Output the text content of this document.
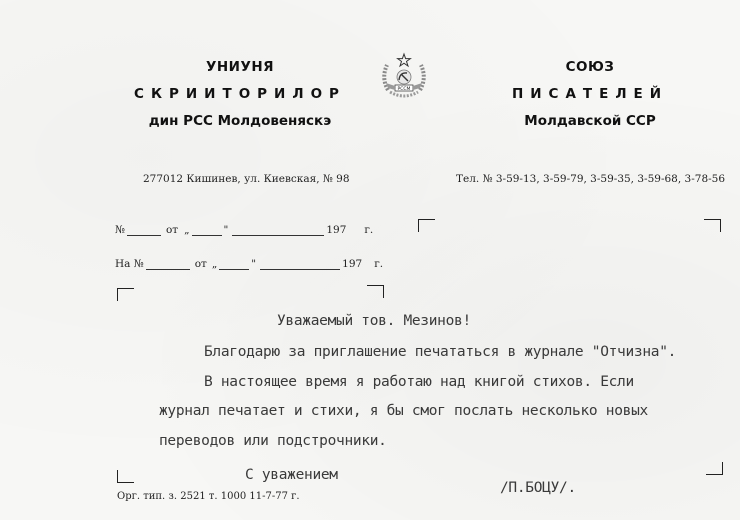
УНИУНЯ
СКРИИТОРИЛОР
дин РСС Молдовеняскэ
РССМ
СОЮЗ
ПИСАТЕЛЕЙ
Молдавской ССР
277012 Кишинев, ул. Киевская, № 98	Тел. № 3-59-13, 3-59-79, 3-59-35, 3-59-68, 3-78-56
№	от „	"	197 г.
На №	от „	"	197 г.
Уважаемый тов. Мезинов!
Благодарю за приглашение печататься в журнале "Отчизна".
В настоящее время я работаю над книгой стихов. Если
журнал печатает и стихи, я бы смог послать несколько новых
переводов или подстрочники.
С уважением
/П.БОЦУ/.
Орг. тип. з. 2521 т. 1000 11-7-77 г.
